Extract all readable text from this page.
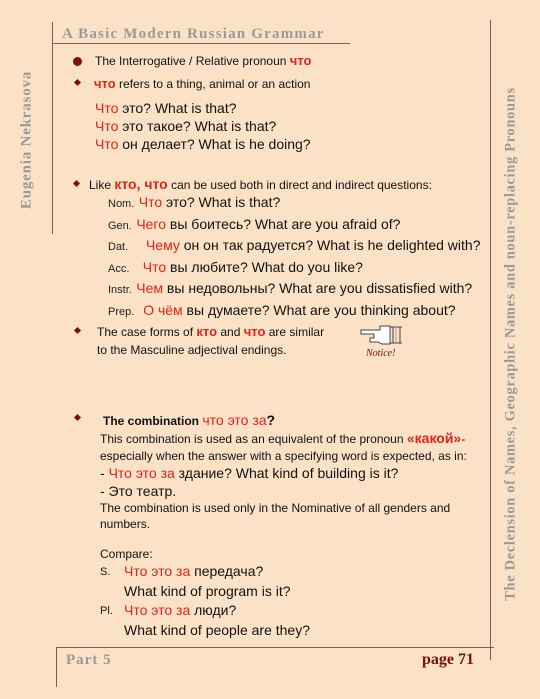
A Basic Modern Russian Grammar
Eugenia Nekrasova	The Declension of Names, Geographic Names and noun-replacing Pronouns
The Interrogative / Relative pronoun что
что refers to a thing, animal or an action
Что это? What is that?
Что это такое? What is that?
Что он делает? What is he doing?
Like кто, что can be used both in direct and indirect questions:
Nom. Что это? What is that?
Gen. Чего вы боитесь? What are you afraid of?
Dat. Чему он он так радуется? What is he delighted with?
Acc. Что вы любите? What do you like?
Instr. Чем вы недовольны? What are you dissatisfied with?
Prep. О чём вы думаете? What are you thinking about?
The case forms of кто and что are similar
to the Masculine adjectival endings.	Notice!
The combination что это за?
This combination is used as an equivalent of the pronoun «какой»-
especially when the answer with a specifying word is expected, as in:
- Что это за здание? What kind of building is it?
- Это театр.
The combination is used only in the Nominative of all genders and
numbers.
Compare:
S. Что это за передача?
What kind of program is it?
Pl. Что это за люди?
What kind of people are they?
Part 5	page 71
